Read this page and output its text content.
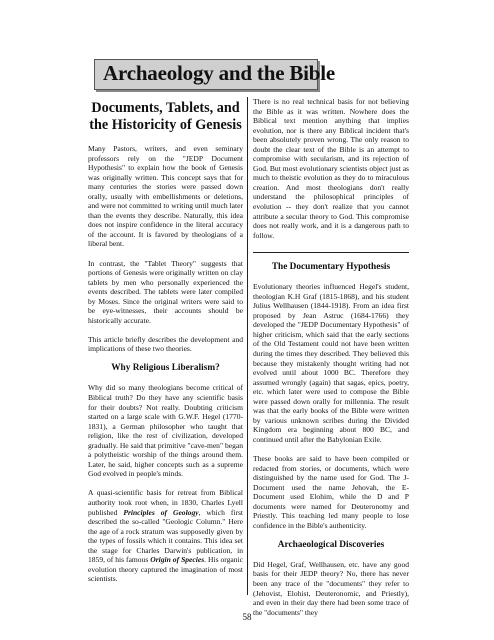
Archaeology and the Bible
Documents, Tablets, and the Historicity of Genesis

Many Pastors, writers, and even seminary professors rely on the "JEDP Document Hypothesis" to explain how the book of Genesis was originally written. This concept says that for many centuries the stories were passed down orally, usually with embellishments or deletions, and were not committed to writing until much later than the events they describe. Naturally, this idea does not inspire confidence in the literal accuracy of the account. It is favored by theologians of a liberal bent.

In contrast, the "Tablet Theory" suggests that portions of Genesis were originally written on clay tablets by men who personally experienced the events described. The tablets were later compiled by Moses. Since the original writers were said to be eye-witnesses, their accounts should be historically accurate.

This article briefly describes the development and implications of these two theories.

Why Religious Liberalism?

Why did so many theologians become critical of Biblical truth? Do they have any scientific basis for their doubts? Not really. Doubting criticism started on a large scale with G.W.F. Hegel (1770-1831), a German philosopher who taught that religion, like the rest of civilization, developed gradually. He said that primitive "cave-men" began a polytheistic worship of the things around them. Later, he said, higher concepts such as a supreme God evolved in people's minds.

A quasi-scientific basis for retreat from Biblical authority took root when, in 1830, Charles Lyell published Principles of Geology, which first described the so-called "Geologic Column." Here the age of a rock stratum was supposedly given by the types of fossils which it contains. This idea set the stage for Charles Darwin's publication, in 1859, of his famous Origin of Species. His organic evolution theory captured the imagination of most scientists.

There is no real technical basis for not believing the Bible as it was written. Nowhere does the Biblical text mention anything that implies evolution, nor is there any Biblical incident that's been absolutely proven wrong. The only reason to doubt the clear text of the Bible is an attempt to compromise with secularism, and its rejection of God. But most evolutionary scientists object just as much to theistic evolution as they do to miraculous creation. And most theologians don't really understand the philosophical principles of evolution -- they don't realize that you cannot attribute a secular theory to God. This compromise does not really work, and it is a dangerous path to follow.

The Documentary Hypothesis

Evolutionary theories influenced Hegel's student, theologian K.H Graf (1815-1868), and his student Julius Wellhausen (1844-1918). From an idea first proposed by Jean Astruc (1684-1766) they developed the "JEDP Documentary Hypothesis" of higher criticism, which said that the early sections of the Old Testament could not have been written during the times they described. They believed this because they mistakenly thought writing had not evolved until about 1000 BC. Therefore they assumed wrongly (again) that sagas, epics, poetry, etc. which later were used to compose the Bible were passed down orally for millennia. The result was that the early books of the Bible were written by various unknown scribes during the Divided Kingdom era beginning about 800 BC, and continued until after the Babylonian Exile.

These books are said to have been compiled or redacted from stories, or documents, which were distinguished by the name used for God. The J-Document used the name Jehovah, the E-Document used Elohim, while the D and P documents were named for Deuteronomy and Priestly. This teaching led many people to lose confidence in the Bible's authenticity.

Archaeological Discoveries

Did Hegel, Graf, Wellhausen, etc. have any good basis for their JEDP theory? No, there has never been any trace of the "documents" they refer to (Jehovist, Elohist, Deuteronomic, and Priestly), and even in their day there had been some trace of the "documents" they

58
